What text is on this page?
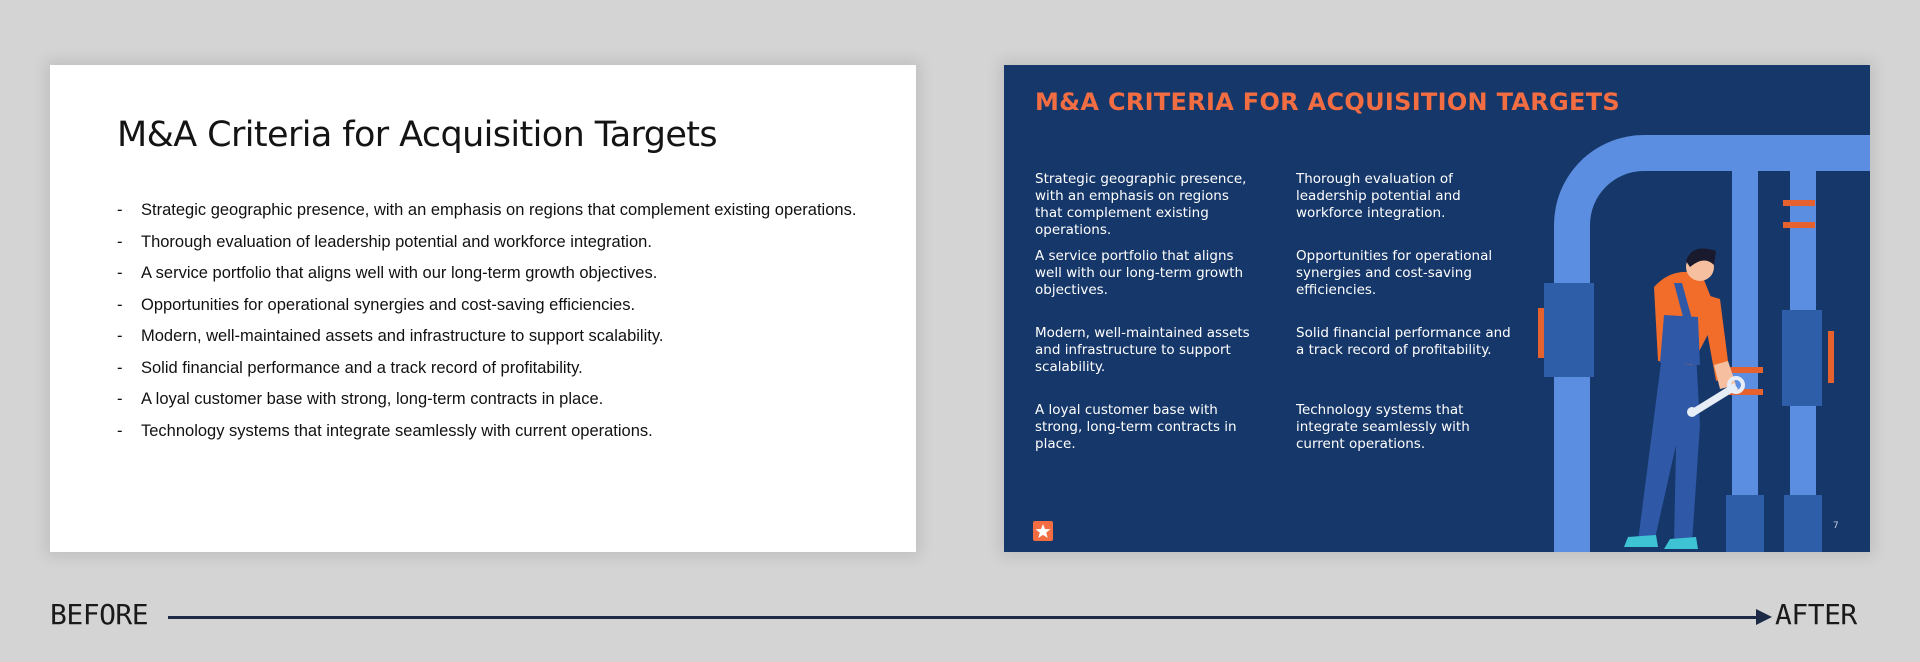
M&A Criteria for Acquisition Targets
-	Strategic geographic presence, with an emphasis on regions that complement existing operations.
-	Thorough evaluation of leadership potential and workforce integration.
-	A service portfolio that aligns well with our long-term growth objectives.
-	Opportunities for operational synergies and cost-saving efficiencies.
-	Modern, well-maintained assets and infrastructure to support scalability.
-	Solid financial performance and a track record of profitability.
-	A loyal customer base with strong, long-term contracts in place.
-	Technology systems that integrate seamlessly with current operations.
M&A CRITERIA FOR ACQUISITION TARGETS
Strategic geographic presence, with an emphasis on regions that complement existing operations.
Thorough evaluation of leadership potential and workforce integration.
A service portfolio that aligns well with our long-term growth objectives.
Opportunities for operational synergies and cost-saving efficiencies.
Modern, well-maintained assets and infrastructure to support scalability.
Solid financial performance and a track record of profitability.
A loyal customer base with strong, long-term contracts in place.
Technology systems that integrate seamlessly with current operations.
7
BEFORE	AFTER
